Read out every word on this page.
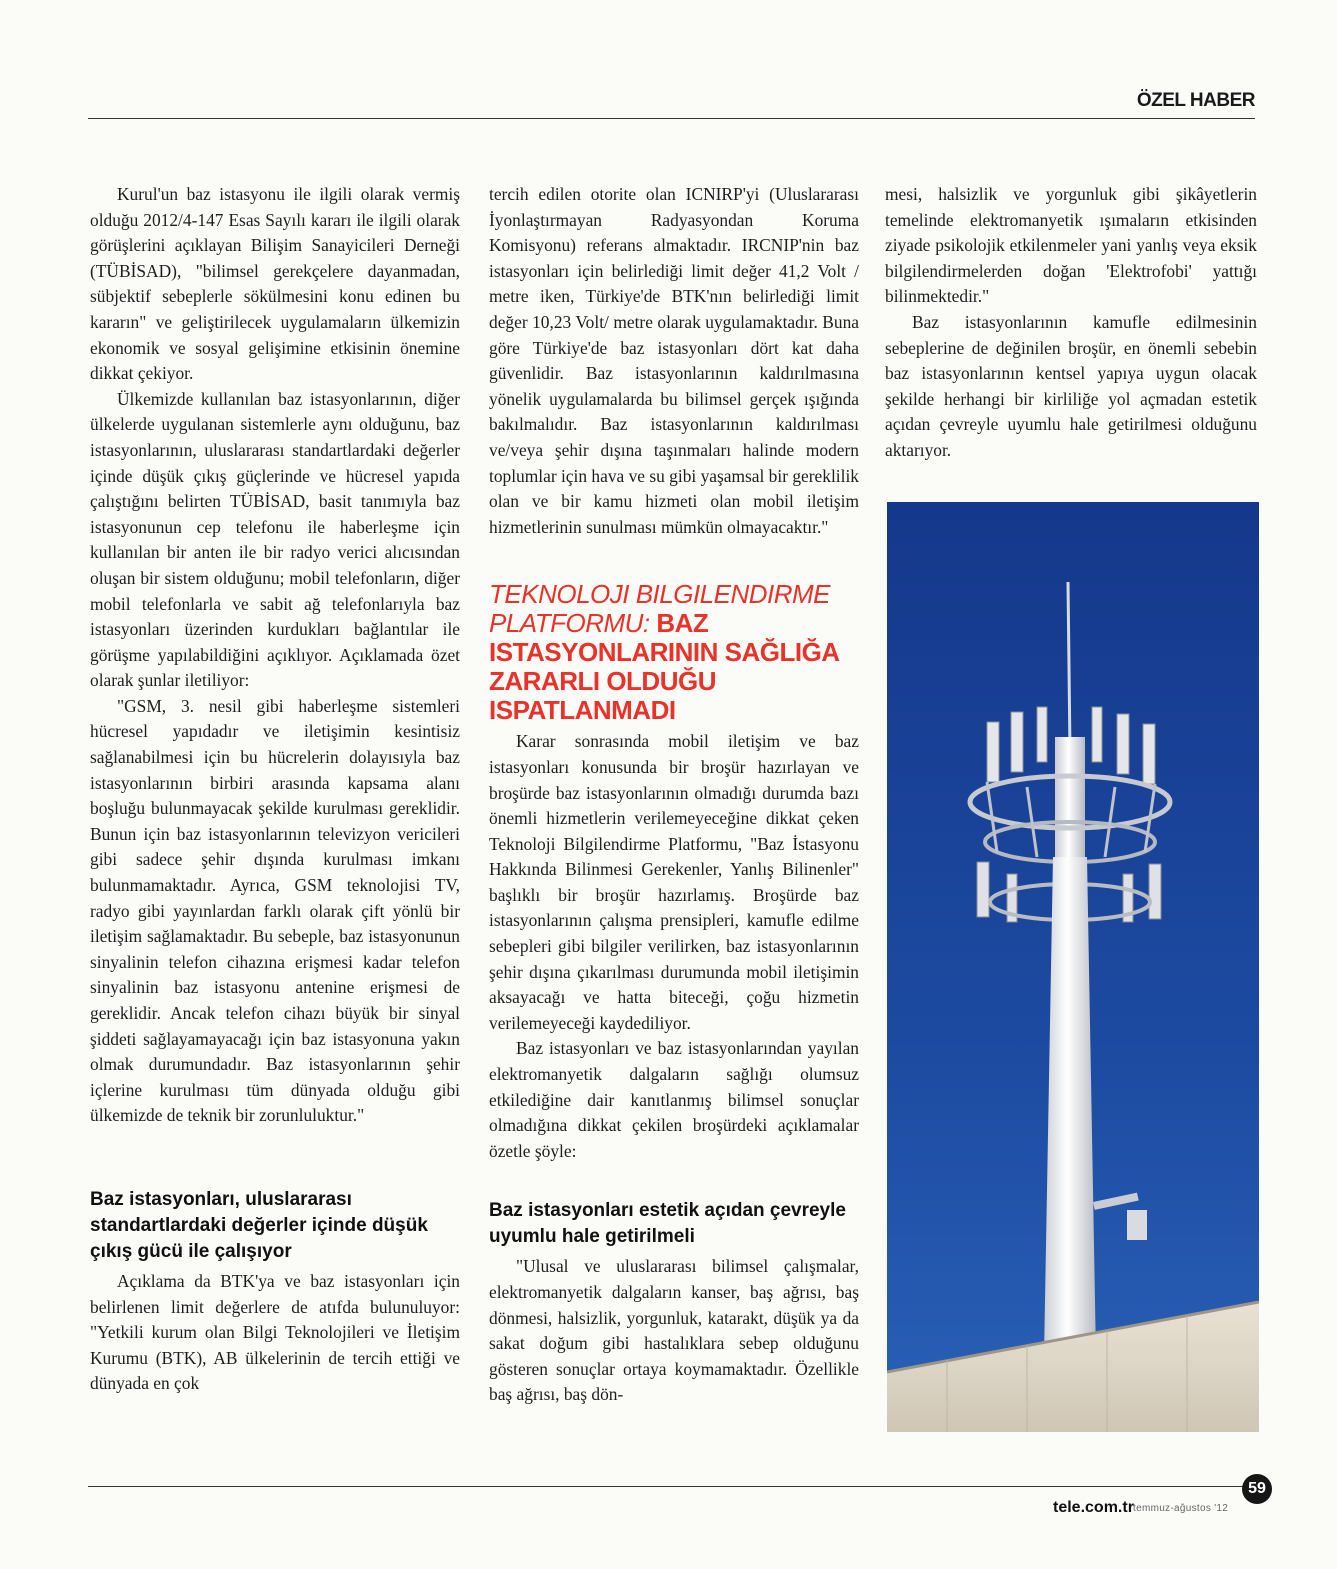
ÖZEL HABER

Kurul'un baz istasyonu ile ilgili olarak vermiş olduğu 2012/4-147 Esas Sayılı kararı ile ilgili olarak görüşlerini açıklayan Bilişim Sanayicileri Derneği (TÜBİSAD), "bilimsel gerekçelere dayanmadan, sübjektif sebeplerle sökülmesini konu edinen bu kararın" ve geliştirilecek uygulamaların ülkemizin ekonomik ve sosyal gelişimine etkisinin önemine dikkat çekiyor.

Ülkemizde kullanılan baz istasyonlarının, diğer ülkelerde uygulanan sistemlerle aynı olduğunu, baz istasyonlarının, uluslararası standartlardaki değerler içinde düşük çıkış güçlerinde ve hücresel yapıda çalıştığını belirten TÜBİSAD, basit tanımıyla baz istasyonunun cep telefonu ile haberleşme için kullanılan bir anten ile bir radyo verici alıcısından oluşan bir sistem olduğunu; mobil telefonların, diğer mobil telefonlarla ve sabit ağ telefonlarıyla baz istasyonları üzerinden kurdukları bağlantılar ile görüşme yapılabildiğini açıklıyor. Açıklamada özet olarak şunlar iletiliyor:

"GSM, 3. nesil gibi haberleşme sistemleri hücresel yapıdadır ve iletişimin kesintisiz sağlanabilmesi için bu hücrelerin dolayısıyla baz istasyonlarının birbiri arasında kapsama alanı boşluğu bulunmayacak şekilde kurulması gereklidir. Bunun için baz istasyonlarının televizyon vericileri gibi sadece şehir dışında kurulması imkanı bulunmamaktadır. Ayrıca, GSM teknolojisi TV, radyo gibi yayınlardan farklı olarak çift yönlü bir iletişim sağlamaktadır. Bu sebeple, baz istasyonunun sinyalinin telefon cihazına erişmesi kadar telefon sinyalinin baz istasyonu antenine erişmesi de gereklidir. Ancak telefon cihazı büyük bir sinyal şiddeti sağlayamayacağı için baz istasyonuna yakın olmak durumundadır. Baz istasyonlarının şehir içlerine kurulması tüm dünyada olduğu gibi ülkemizde de teknik bir zorunluluktur."

Baz istasyonları, uluslararası standartlardaki değerler içinde düşük çıkış gücü ile çalışıyor

Açıklama da BTK'ya ve baz istasyonları için belirlenen limit değerlere de atıfda bulunuluyor: "Yetkili kurum olan Bilgi Teknolojileri ve İletişim Kurumu (BTK), AB ülkelerinin de tercih ettiği ve dünyada en çok

tercih edilen otorite olan ICNIRP'yi (Uluslararası İyonlaştırmayan Radyasyondan Koruma Komisyonu) referans almaktadır. IRCNIP'nin baz istasyonları için belirlediği limit değer 41,2 Volt / metre iken, Türkiye'de BTK'nın belirlediği limit değer 10,23 Volt/ metre olarak uygulamaktadır. Buna göre Türkiye'de baz istasyonları dört kat daha güvenlidir. Baz istasyonlarının kaldırılmasına yönelik uygulamalarda bu bilimsel gerçek ışığında bakılmalıdır. Baz istasyonlarının kaldırılması ve/veya şehir dışına taşınmaları halinde modern toplumlar için hava ve su gibi yaşamsal bir gereklilik olan ve bir kamu hizmeti olan mobil iletişim hizmetlerinin sunulması mümkün olmayacaktır."

TEKNOLOJI BILGILENDIRME PLATFORMU: BAZ ISTASYONLARININ SAĞLIĞA ZARARLI OLDUĞU ISPATLANMADI

Karar sonrasında mobil iletişim ve baz istasyonları konusunda bir broşür hazırlayan ve broşürde baz istasyonlarının olmadığı durumda bazı önemli hizmetlerin verilemeyeceğine dikkat çeken Teknoloji Bilgilendirme Platformu, "Baz İstasyonu Hakkında Bilinmesi Gerekenler, Yanlış Bilinenler" başlıklı bir broşür hazırlamış. Broşürde baz istasyonlarının çalışma prensipleri, kamufle edilme sebepleri gibi bilgiler verilirken, baz istasyonlarının şehir dışına çıkarılması durumunda mobil iletişimin aksayacağı ve hatta biteceği, çoğu hizmetin verilemeyeceği kaydediliyor.

Baz istasyonları ve baz istasyonlarından yayılan elektromanyetik dalgaların sağlığı olumsuz etkilediğine dair kanıtlanmış bilimsel sonuçlar olmadığına dikkat çekilen broşürdeki açıklamalar özetle şöyle:

Baz istasyonları estetik açıdan çevreyle uyumlu hale getirilmeli

"Ulusal ve uluslararası bilimsel çalışmalar, elektromanyetik dalgaların kanser, baş ağrısı, baş dönmesi, halsizlik, yorgunluk, katarakt, düşük ya da sakat doğum gibi hastalıklara sebep olduğunu gösteren sonuçlar ortaya koymamaktadır. Özellikle baş ağrısı, baş dön-

mesi, halsizlik ve yorgunluk gibi şikâyetlerin temelinde elektromanyetik ışımaların etkisinden ziyade psikolojik etkilenmeler yani yanlış veya eksik bilgilendirmelerden doğan 'Elektrofobi' yattığı bilinmektedir."

Baz istasyonlarının kamufle edilmesinin sebeplerine de değinilen broşür, en önemli sebebin baz istasyonlarının kentsel yapıya uygun olacak şekilde herhangi bir kirliliğe yol açmadan estetik açıdan çevreyle uyumlu hale getirilmesi olduğunu aktarıyor.

tele.com.tr temmuz-ağustos '12
59
